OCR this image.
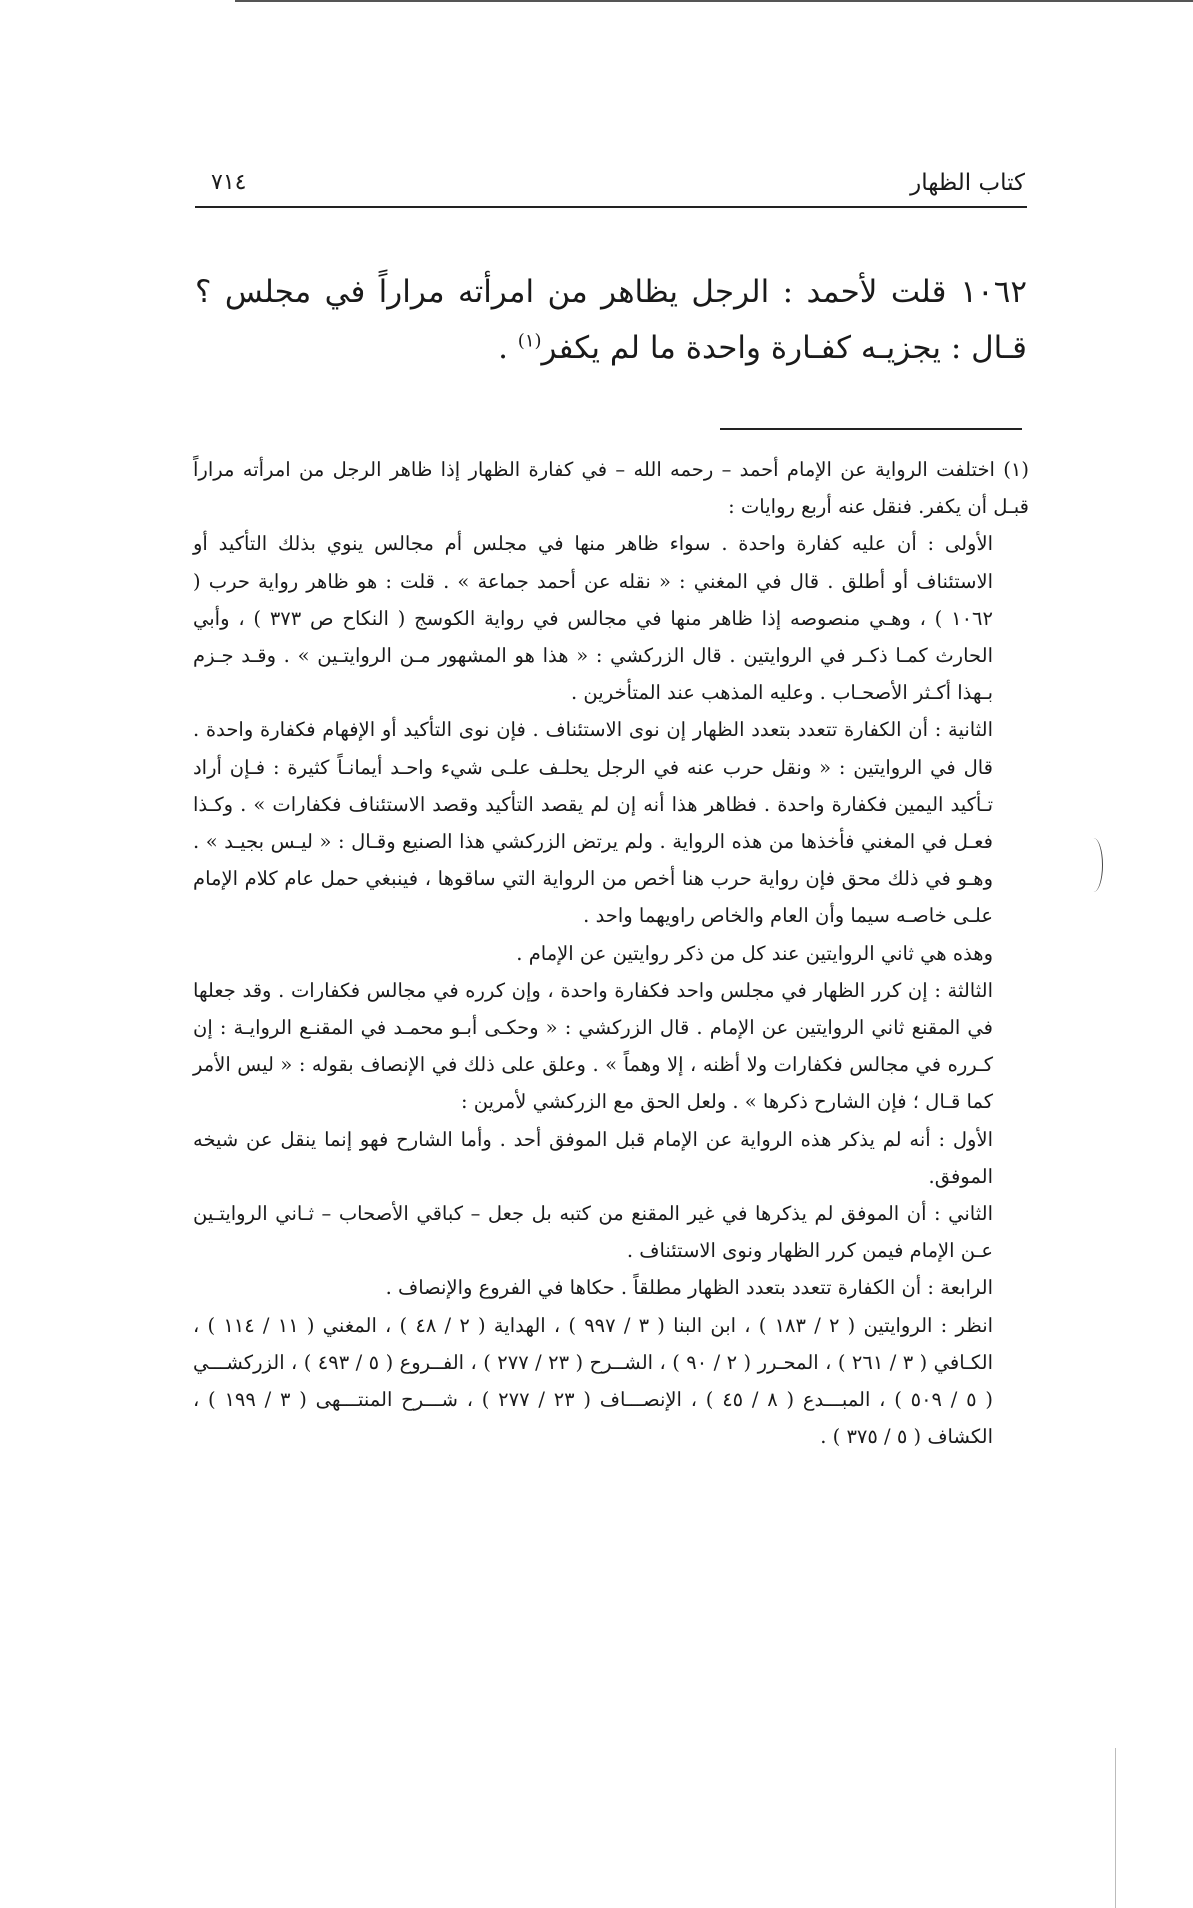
كتاب الظهار
٧١٤
١٠٦٢قلت لأحمد : الرجل يظاهر من امرأته مراراً في مجلس ؟ قـال : يجزيـه كفـارة واحدة ما لم يكفر$^{(١)}$ .

(١) اختلفت الرواية عن الإمام أحمد – رحمه الله – في كفارة الظهار إذا ظاهر الرجل من امرأته مراراً قبـل أن يكفر. فنقل عنه أربع روايات :

الأولى : أن عليه كفارة واحدة . سواء ظاهر منها في مجلس أم مجالس ينوي بذلك التأكيد أو الاستئناف أو أطلق . قال في المغني : « نقله عن أحمد جماعة » . قلت : هو ظاهر رواية حرب ( ١٠٦٢ ) ، وهـي منصوصه إذا ظاهر منها في مجالس في رواية الكوسج ( النكاح ص ٣٧٣ ) ، وأبي الحارث كمـا ذكـر في الروايتين . قال الزركشي : « هذا هو المشهور مـن الروايتـين » . وقـد جـزم بـهذا أكـثر الأصحـاب . وعليه المذهب عند المتأخرين .

الثانية : أن الكفارة تتعدد بتعدد الظهار إن نوى الاستئناف . فإن نوى التأكيد أو الإفهام فكفارة واحدة . قال في الروايتين : « ونقل حرب عنه في الرجل يحلـف علـى شيء واحـد أيمانـاً كثيرة : فـإن أراد تـأكيد اليمين فكفارة واحدة . فظاهر هذا أنه إن لم يقصد التأكيد وقصد الاستئناف فكفارات » . وكـذا فعـل في المغني فأخذها من هذه الرواية . ولم يرتض الزركشي هذا الصنيع وقـال : « ليـس بجيـد » . وهـو في ذلك محق فإن رواية حرب هنا أخص من الرواية التي ساقوها ، فينبغي حمل عام كلام الإمام علـى خاصـه سيما وأن العام والخاص راويهما واحد .

وهذه هي ثاني الروايتين عند كل من ذكر روايتين عن الإمام .

الثالثة : إن كرر الظهار في مجلس واحد فكفارة واحدة ، وإن كرره في مجالس فكفارات . وقد جعلها في المقنع ثاني الروايتين عن الإمام . قال الزركشي : « وحكـى أبـو محمـد في المقنـع الروايـة : إن كـرره في مجالس فكفارات ولا أظنه ، إلا وهماً » . وعلق على ذلك في الإنصاف بقوله : « ليس الأمر كما قـال ؛ فإن الشارح ذكرها » . ولعل الحق مع الزركشي لأمرين :

الأول : أنه لم يذكر هذه الرواية عن الإمام قبل الموفق أحد . وأما الشارح فهو إنما ينقل عن شيخه الموفق.

الثاني : أن الموفق لم يذكرها في غير المقنع من كتبه بل جعل – كباقي الأصحاب – ثـاني الروايتـين عـن الإمام فيمن كرر الظهار ونوى الاستئناف .

الرابعة : أن الكفارة تتعدد بتعدد الظهار مطلقاً . حكاها في الفروع والإنصاف .

انظر : الروايتين ( ٢ / ١٨٣ ) ، ابن البنا ( ٣ / ٩٩٧ ) ، الهداية ( ٢ / ٤٨ ) ، المغني ( ١١ / ١١٤ ) ، الكـافي ( ٣ / ٢٦١ ) ، المحـرر ( ٢ / ٩٠ ) ، الشــرح ( ٢٣ / ٢٧٧ ) ، الفــروع ( ٥ / ٤٩٣ ) ، الزركشـــي ( ٥ / ٥٠٩ ) ، المبـــدع ( ٨ / ٤٥ ) ، الإنصـــاف ( ٢٣ / ٢٧٧ ) ، شـــرح المنتـــهى ( ٣ / ١٩٩ ) ، الكشاف ( ٥ / ٣٧٥ ) .
